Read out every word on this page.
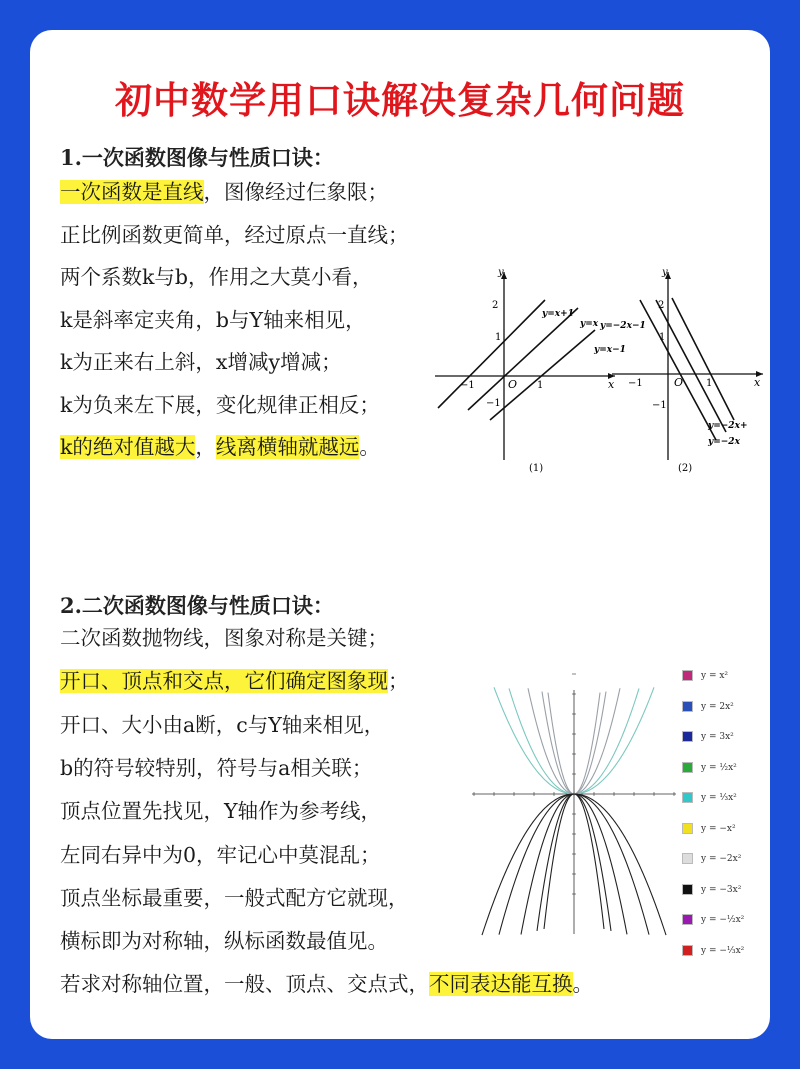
初中数学用口诀解决复杂几何问题
1.一次函数图像与性质口诀：
一次函数是直线，图像经过仨象限；
正比例函数更简单，经过原点一直线；
两个系数k与b，作用之大莫小看，
k是斜率定夹角，b与Y轴来相见，
k为正来右上斜，x增减y增减；
k为负来左下展，变化规律正相反；
k的绝对值越大，线离横轴就越远。
y
x
2
1
−1	1
−1
O
y=x+1
y=x
y=x−1
(1)
y
x
2
1
−1	1
−1
O
y=−2x−1
y=−2x+
y=−2x
(2)
2.二次函数图像与性质口诀：
二次函数抛物线，图象对称是关键；
开口、顶点和交点，它们确定图象现；
开口、大小由a断，c与Y轴来相见，
b的符号较特别，符号与a相关联；
顶点位置先找见，Y轴作为参考线，
左同右异中为0，牢记心中莫混乱；
顶点坐标最重要，一般式配方它就现，
横标即为对称轴，纵标函数最值见。
若求对称轴位置，一般、顶点、交点式，不同表达能互换。
y = x²
y = 2x²
y = 3x²
y = ½x²
y = ⅓x²
y = −x²
y = −2x²
y = −3x²
y = −½x²
y = −⅓x²
